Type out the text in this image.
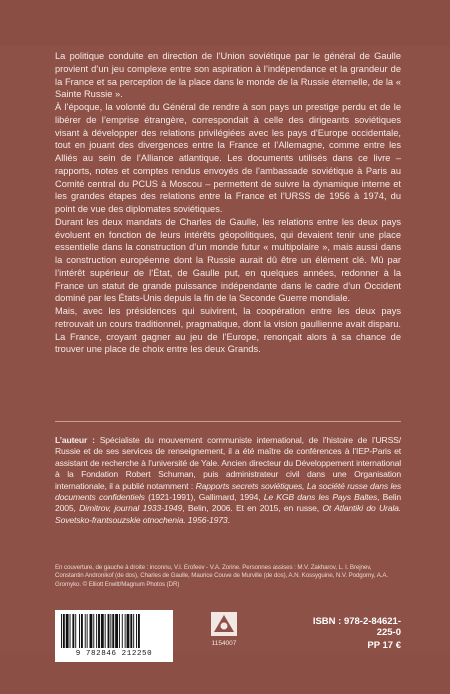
La politique conduite en direction de l’Union soviétique par le général de Gaulle provient d’un jeu complexe entre son aspiration à l’indépendance et la grandeur de la France et sa perception de la place dans le monde de la Russie éternelle, de la « Sainte Russie ».

À l’époque, la volonté du Général de rendre à son pays un prestige perdu et de le libérer de l’emprise étrangère, correspondait à celle des dirigeants soviétiques visant à développer des relations privilégiées avec les pays d’Europe occidentale, tout en jouant des divergences entre la France et l’Allemagne, comme entre les Alliés au sein de l’Alliance atlantique. Les documents utilisés dans ce livre – rapports, notes et comptes rendus envoyés de l’ambassade soviétique à Paris au Comité central du PCUS à Moscou – permettent de suivre la dynamique interne et les grandes étapes des relations entre la France et l’URSS de 1956 à 1974, du point de vue des diplomates soviétiques.

Durant les deux mandats de Charles de Gaulle, les relations entre les deux pays évoluent en fonction de leurs intérêts géopolitiques, qui devaient tenir une place essentielle dans la construction d’un monde futur « multipolaire », mais aussi dans la construction européenne dont la Russie aurait dû être un élément clé. Mû par l’intérêt supérieur de l’État, de Gaulle put, en quelques années, redonner à la France un statut de grande puissance indépendante dans le cadre d’un Occident dominé par les États-Unis depuis la fin de la Seconde Guerre mondiale.

Mais, avec les présidences qui suivirent, la coopération entre les deux pays retrouvait un cours traditionnel, pragmatique, dont la vision gaullienne avait disparu. La France, croyant gagner au jeu de l’Europe, renonçait alors à sa chance de trouver une place de choix entre les deux Grands.

L’auteur : Spécialiste du mouvement communiste international, de l’histoire de l’URSS/ Russie et de ses services de renseignement, il a été maître de conférences à l’IEP-Paris et assistant de recherche à l’université de Yale. Ancien directeur du Développement international à la Fondation Robert Schuman, puis administrateur civil dans une Organisation internationale, il a publié notamment : Rapports secrets soviétiques, La société russe dans les documents confidentiels (1921-1991), Gallimard, 1994, Le KGB dans les Pays Baltes, Belin 2005, Dimitrov, journal 1933-1949, Belin, 2006. Et en 2015, en russe, Ot Atlantiki do Urala. Sovetsko-frantsouzskie otnochenia. 1956-1973.

En couverture, de gauche à droite : inconnu, V.I. Erofeev - V.A. Zorine. Personnes assises : M.V. Zakharov, L. I. Brejnev, Constantin Andronikof (de dos), Charles de Gaulle, Maurice Couve de Murville (de dos), A.N. Kossyguine, N.V. Podgorny, A.A. Gromyko. © Elliott Erwitt/Magnum Photos (DR)

9 782846 212250
1154007
ISBN : 978-2-84621-225-0
PP 17 €
